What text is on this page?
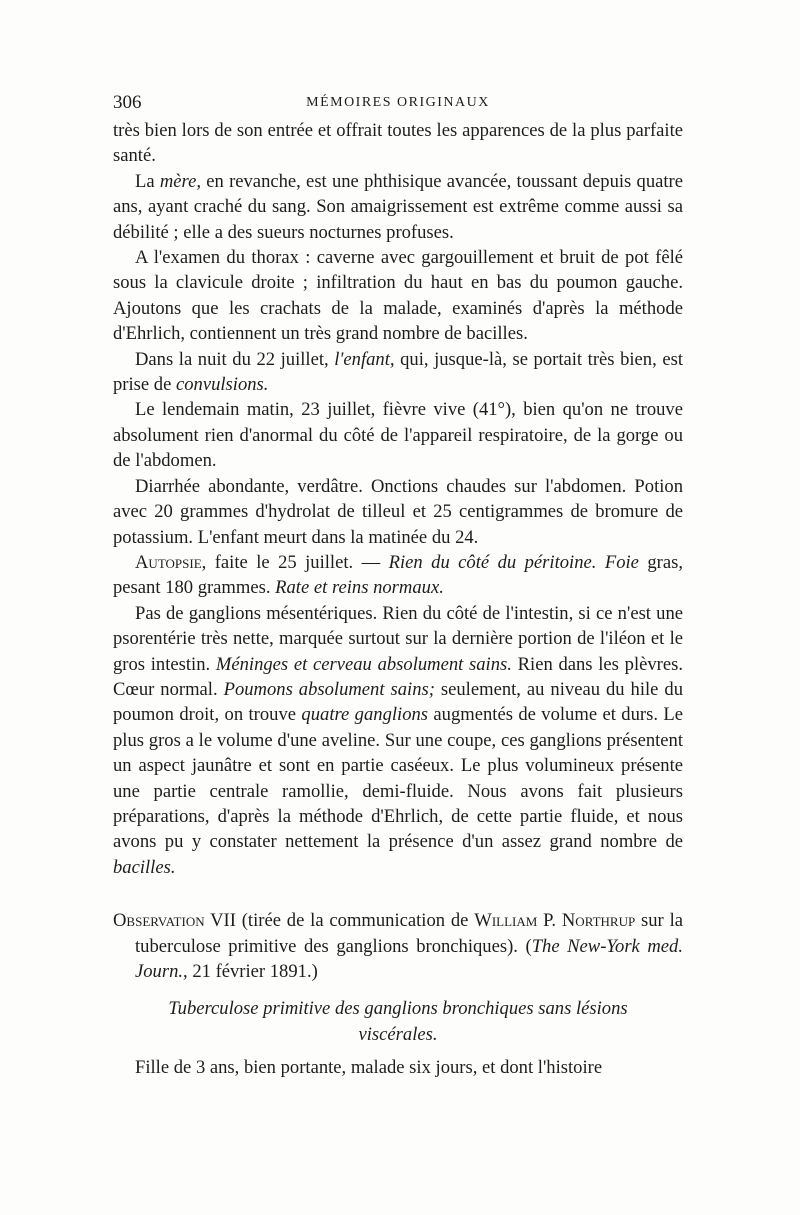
306	MÉMOIRES ORIGINAUX

très bien lors de son entrée et offrait toutes les apparences de la plus parfaite santé.

La mère, en revanche, est une phthisique avancée, toussant depuis quatre ans, ayant craché du sang. Son amaigrissement est extrême comme aussi sa débilité ; elle a des sueurs nocturnes profuses.

A l'examen du thorax : caverne avec gargouillement et bruit de pot fêlé sous la clavicule droite ; infiltration du haut en bas du poumon gauche. Ajoutons que les crachats de la malade, examinés d'après la méthode d'Ehrlich, contiennent un très grand nombre de bacilles.

Dans la nuit du 22 juillet, l'enfant, qui, jusque-là, se portait très bien, est prise de convulsions.

Le lendemain matin, 23 juillet, fièvre vive (41°), bien qu'on ne trouve absolument rien d'anormal du côté de l'appareil respiratoire, de la gorge ou de l'abdomen.

Diarrhée abondante, verdâtre. Onctions chaudes sur l'abdomen. Potion avec 20 grammes d'hydrolat de tilleul et 25 centigrammes de bromure de potassium. L'enfant meurt dans la matinée du 24.

Autopsie, faite le 25 juillet. — Rien du côté du péritoine. Foie gras, pesant 180 grammes. Rate et reins normaux.

Pas de ganglions mésentériques. Rien du côté de l'intestin, si ce n'est une psorentérie très nette, marquée surtout sur la dernière portion de l'iléon et le gros intestin. Méninges et cerveau absolument sains. Rien dans les plèvres. Cœur normal. Poumons absolument sains; seulement, au niveau du hile du poumon droit, on trouve quatre ganglions augmentés de volume et durs. Le plus gros a le volume d'une aveline. Sur une coupe, ces ganglions présentent un aspect jaunâtre et sont en partie caséeux. Le plus volumineux présente une partie centrale ramollie, demi-fluide. Nous avons fait plusieurs préparations, d'après la méthode d'Ehrlich, de cette partie fluide, et nous avons pu y constater nettement la présence d'un assez grand nombre de bacilles.

Observation VII (tirée de la communication de William P. Northrup sur la tuberculose primitive des ganglions bronchiques). (The New-York med. Journ., 21 février 1891.)

Tuberculose primitive des ganglions bronchiques sans lésions
viscérales.

Fille de 3 ans, bien portante, malade six jours, et dont l'histoire
